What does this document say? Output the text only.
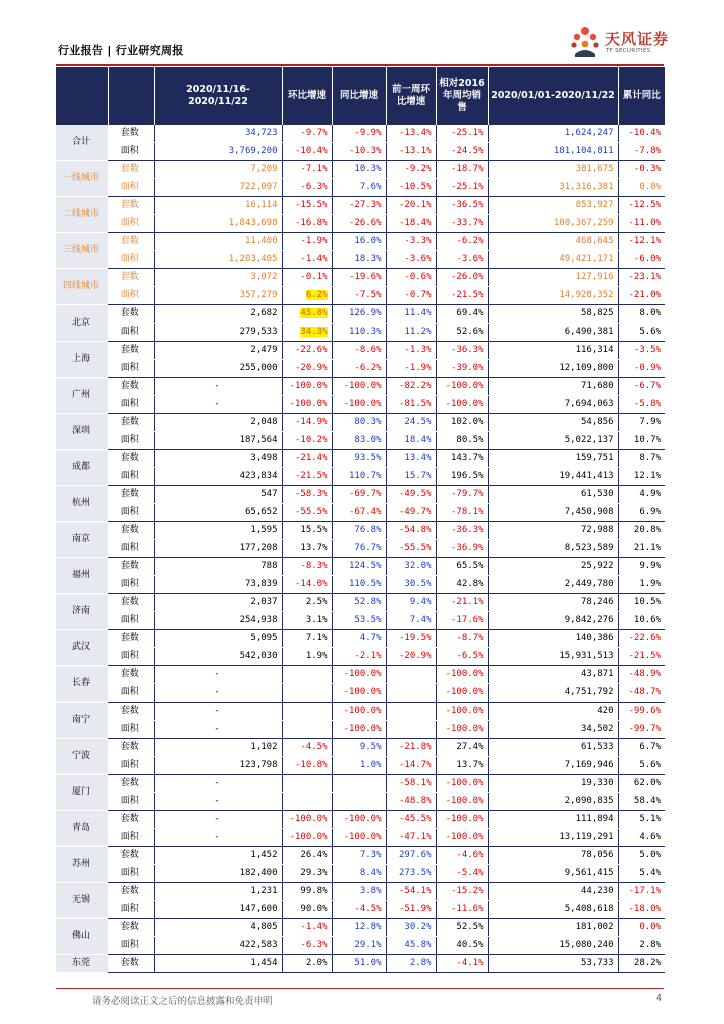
行业报告 | 行业研究周报
天风证券
TF SECURITIES
		2020/11/16-2020/11/22	环比增速	同比增速	前一周环比增速	相对2016年周均销售	2020/01/01-2020/11/22	累计同比
合计	套数	34,723	-9.7%	-9.9%	-13.4%	-25.1%	1,624,247	-10.4%
	面积	3,769,200	-10.4%	-10.3%	-13.1%	-24.5%	181,104,811	-7.8%
一线城市	套数	7,209	-7.1%	10.3%	-9.2%	-18.7%	301,675	-0.3%
	面积	722,097	-6.3%	7.6%	-10.5%	-25.1%	31,316,381	0.8%
二线城市	套数	16,114	-15.5%	-27.3%	-20.1%	-36.5%	853,927	-12.5%
	面积	1,843,698	-16.8%	-26.6%	-18.4%	-33.7%	100,367,259	-11.0%
三线城市	套数	11,400	-1.9%	16.0%	-3.3%	-6.2%	468,645	-12.1%
	面积	1,203,405	-1.4%	18.3%	-3.6%	-3.6%	49,421,171	-6.0%
四线城市	套数	3,072	-0.1%	-19.6%	-0.6%	-26.0%	127,916	-23.1%
	面积	357,279	6.2%	-7.5%	-0.7%	-21.5%	14,928,352	-21.0%
北京	套数	2,682	45.8%	126.9%	11.4%	69.4%	58,825	8.0%
	面积	279,533	34.3%	110.3%	11.2%	52.6%	6,490,381	5.6%
上海	套数	2,479	-22.6%	-8.6%	-1.3%	-36.3%	116,314	-3.5%
	面积	255,000	-20.9%	-6.2%	-1.9%	-39.0%	12,109,800	-0.9%
广州	套数	-	-100.0%	-100.0%	-82.2%	-100.0%	71,680	-6.7%
	面积	-	-100.0%	-100.0%	-81.5%	-100.0%	7,694,063	-5.8%
深圳	套数	2,048	-14.9%	80.3%	24.5%	102.0%	54,856	7.9%
	面积	187,564	-10.2%	83.0%	18.4%	80.5%	5,022,137	10.7%
成都	套数	3,498	-21.4%	93.5%	13.4%	143.7%	159,751	8.7%
	面积	423,834	-21.5%	110.7%	15.7%	196.5%	19,441,413	12.1%
杭州	套数	547	-58.3%	-69.7%	-49.5%	-79.7%	61,530	4.9%
	面积	65,652	-55.5%	-67.4%	-49.7%	-78.1%	7,450,908	6.9%
南京	套数	1,595	15.5%	76.8%	-54.8%	-36.3%	72,988	20.8%
	面积	177,208	13.7%	76.7%	-55.5%	-36.9%	8,523,589	21.1%
福州	套数	788	-8.3%	124.5%	32.0%	65.5%	25,922	9.9%
	面积	73,839	-14.0%	110.5%	30.5%	42.8%	2,449,780	1.9%
济南	套数	2,037	2.5%	52.8%	9.4%	-21.1%	78,246	10.5%
	面积	254,938	3.1%	53.5%	7.4%	-17.6%	9,842,276	10.6%
武汉	套数	5,095	7.1%	4.7%	-19.5%	-8.7%	140,386	-22.6%
	面积	542,030	1.9%	-2.1%	-20.9%	-6.5%	15,931,513	-21.5%
长春	套数	-		-100.0%		-100.0%	43,871	-48.9%
	面积	-		-100.0%		-100.0%	4,751,792	-48.7%
南宁	套数	-		-100.0%		-100.0%	420	-99.6%
	面积	-		-100.0%		-100.0%	34,502	-99.7%
宁波	套数	1,102	-4.5%	9.5%	-21.8%	27.4%	61,533	6.7%
	面积	123,798	-10.8%	1.0%	-14.7%	13.7%	7,169,946	5.6%
厦门	套数	-			-58.1%	-100.0%	19,330	62.0%
	面积	-			-48.8%	-100.0%	2,090,835	58.4%
青岛	套数	-	-100.0%	-100.0%	-45.5%	-100.0%	111,894	5.1%
	面积	-	-100.0%	-100.0%	-47.1%	-100.0%	13,119,291	4.6%
苏州	套数	1,452	26.4%	7.3%	297.6%	-4.6%	78,056	5.0%
	面积	182,400	29.3%	8.4%	273.5%	-5.4%	9,561,415	5.4%
无锡	套数	1,231	99.8%	3.8%	-54.1%	-15.2%	44,230	-17.1%
	面积	147,600	90.0%	-4.5%	-51.9%	-11.6%	5,408,618	-18.0%
佛山	套数	4,805	-1.4%	12.8%	30.2%	52.5%	181,002	0.0%
	面积	422,583	-6.3%	29.1%	45.8%	40.5%	15,080,240	2.8%
东莞	套数	1,454	2.0%	51.0%	2.8%	-4.1%	53,733	28.2%
请务必阅读正文之后的信息披露和免责申明	4
